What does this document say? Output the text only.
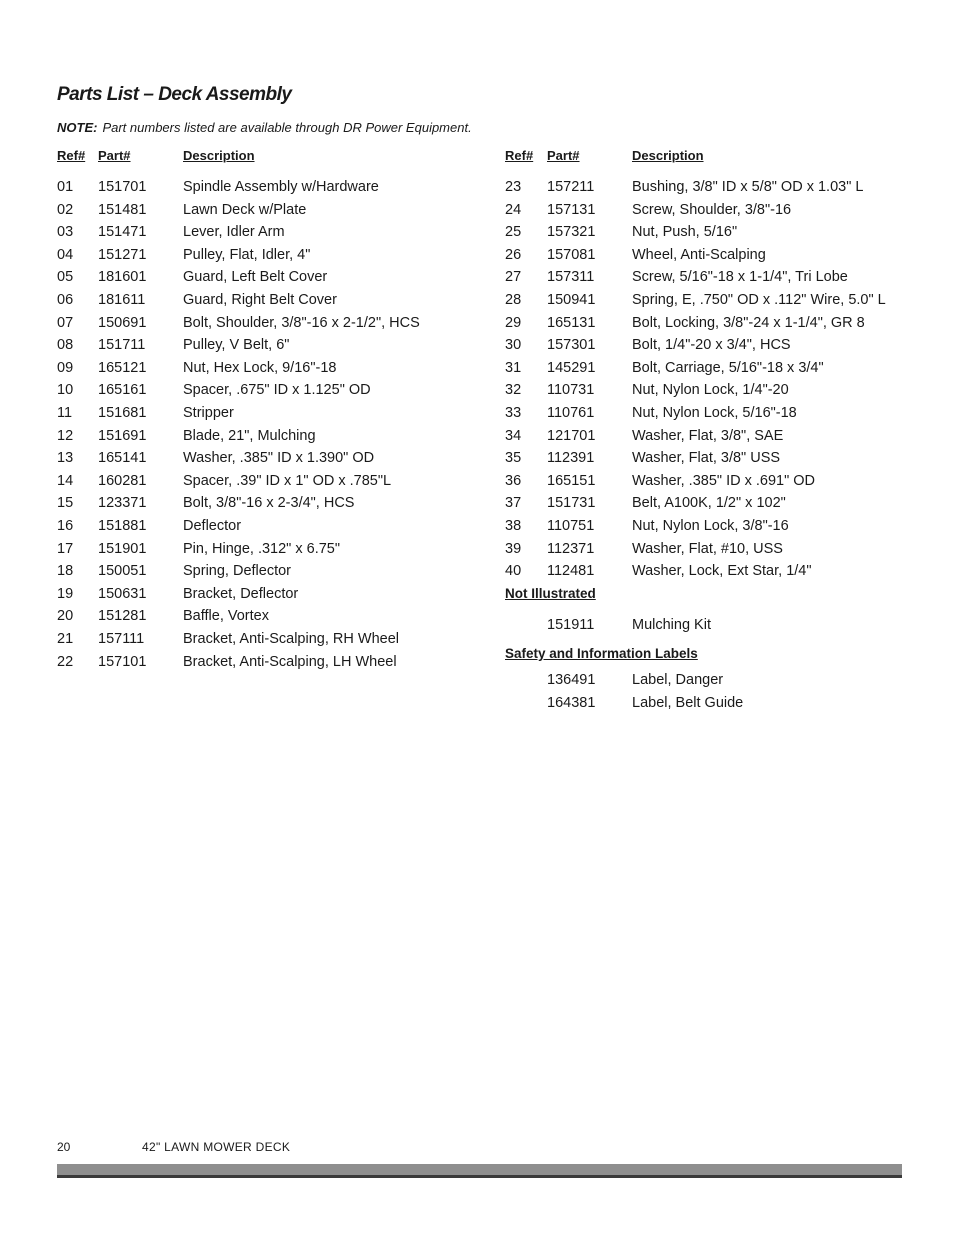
Parts List – Deck Assembly
NOTE: Part numbers listed are available through DR Power Equipment.
Ref# Part#	Description	Ref# Part#	Description
01 151701	Spindle Assembly w/Hardware
02 151481	Lawn Deck w/Plate
03 151471	Lever, Idler Arm
04 151271	Pulley, Flat, Idler, 4"
05 181601	Guard, Left Belt Cover
06 181611	Guard, Right Belt Cover
07 150691	Bolt, Shoulder, 3/8"-16 x 2-1/2", HCS
08 151711	Pulley, V Belt, 6"
09 165121	Nut, Hex Lock, 9/16"-18
10 165161	Spacer, .675" ID x 1.125" OD
11 151681	Stripper
12 151691	Blade, 21", Mulching
13 165141	Washer, .385" ID x 1.390" OD
14 160281	Spacer, .39" ID x 1" OD x .785"L
15 123371	Bolt, 3/8"-16 x 2-3/4", HCS
16 151881	Deflector
17 151901	Pin, Hinge, .312" x 6.75"
18 150051	Spring, Deflector
19 150631	Bracket, Deflector
20 151281	Baffle, Vortex
21 157111	Bracket, Anti-Scalping, RH Wheel
22 157101	Bracket, Anti-Scalping, LH Wheel
23 157211	Bushing, 3/8" ID x 5/8" OD x 1.03" L
24 157131	Screw, Shoulder, 3/8"-16
25 157321	Nut, Push, 5/16"
26 157081	Wheel, Anti-Scalping
27 157311	Screw, 5/16"-18 x 1-1/4", Tri Lobe
28 150941	Spring, E, .750" OD x .112" Wire, 5.0" L
29 165131	Bolt, Locking, 3/8"-24 x 1-1/4", GR 8
30 157301	Bolt, 1/4"-20 x 3/4", HCS
31 145291	Bolt, Carriage, 5/16"-18 x 3/4"
32 110731	Nut, Nylon Lock, 1/4"-20
33 110761	Nut, Nylon Lock, 5/16"-18
34 121701	Washer, Flat, 3/8", SAE
35 112391	Washer, Flat, 3/8" USS
36 165151	Washer, .385" ID x .691" OD
37 151731	Belt, A100K, 1/2" x 102"
38 110751	Nut, Nylon Lock, 3/8"-16
39 112371	Washer, Flat, #10, USS
40 112481	Washer, Lock, Ext Star, 1/4"
Not Illustrated
151911	Mulching Kit
Safety and Information Labels
136491	Label, Danger
164381	Label, Belt Guide
20	42" LAWN MOWER DECK
